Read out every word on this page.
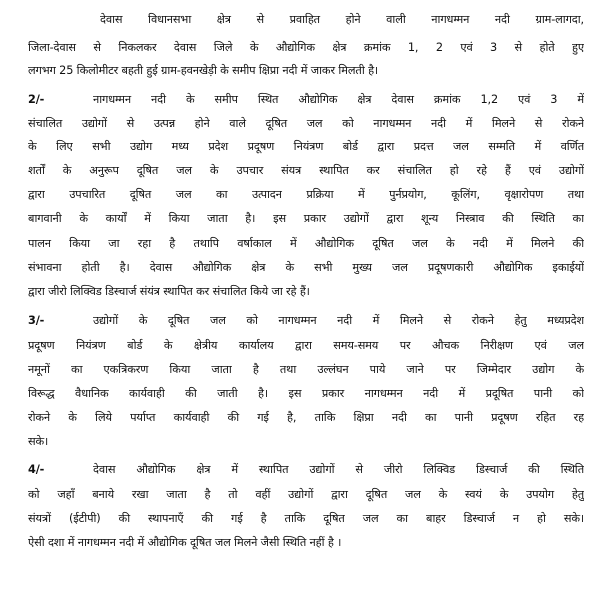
देवास विधानसभा क्षेत्र से प्रवाहित होने वाली नागधम्मन नदी ग्राम-लागदा,
जिला-देवास से निकलकर देवास जिले के औद्योगिक क्षेत्र क्रमांक 1, 2 एवं 3 से होते हुए
लगभग 25 किलोमीटर बहती हुई ग्राम-हवनखेड़ी के समीप क्षिप्रा नदी में जाकर मिलती है।
2/-	नागधम्मन नदी के समीप स्थित औद्योगिक क्षेत्र देवास क्रमांक 1,2 एवं 3 में
संचालित उद्योगों से उत्पन्न होने वाले दूषित जल को नागधम्मन नदी में मिलने से रोकने
के लिए सभी उद्योग मध्य प्रदेश प्रदूषण नियंत्रण बोर्ड द्वारा प्रदत्त जल सम्मति में वर्णित
शर्तों के अनुरूप दूषित जल के उपचार संयत्र स्थापित कर संचालित हो रहे हैं एवं उद्योगों
द्वारा उपचारित दूषित जल का उत्पादन प्रक्रिया में पुर्नप्रयोग, कूलिंग, वृक्षारोपण तथा
बागवानी के कार्यों में किया जाता है। इस प्रकार उद्योगों द्वारा शून्य निस्त्राव की स्थिति का
पालन किया जा रहा है तथापि वर्षाकाल में औद्योगिक दूषित जल के नदी में मिलने की
संभावना होती है। देवास औद्योगिक क्षेत्र के सभी मुख्य जल प्रदूषणकारी औद्योगिक इकाईयों
द्वारा जीरो लिक्विड डिस्चार्ज संयंत्र स्थापित कर संचालित किये जा रहे हैं।
3/-	उद्योगों के दूषित जल को नागधम्मन नदी में मिलने से रोकने हेतु मध्यप्रदेश
प्रदूषण नियंत्रण बोर्ड के क्षेत्रीय कार्यालय द्वारा समय-समय पर औचक निरीक्षण एवं जल
नमूनों का एकत्रिकरण किया जाता है तथा उल्लंघन पाये जाने पर जिम्मेदार उद्योग के
विरूद्ध वैधानिक कार्यवाही की जाती है। इस प्रकार नागधम्मन नदी में प्रदूषित पानी को
रोकने के लिये पर्याप्त कार्यवाही की गई है, ताकि क्षिप्रा नदी का पानी प्रदूषण रहित रह
सके।
4/-	देवास औद्योगिक क्षेत्र में स्थापित उद्योगों से जीरो लिक्विड डिस्चार्ज की स्थिति
को जहाँ बनाये रखा जाता है तो वहीं उद्योगों द्वारा दूषित जल के स्वयं के उपयोग हेतु
संयत्रों (ईटीपी) की स्थापनाएँ की गई है ताकि दूषित जल का बाहर डिस्चार्ज न हो सके।
ऐसी दशा में नागधम्मन नदी में औद्योगिक दूषित जल मिलने जैसी स्थिति नहीं है ।
